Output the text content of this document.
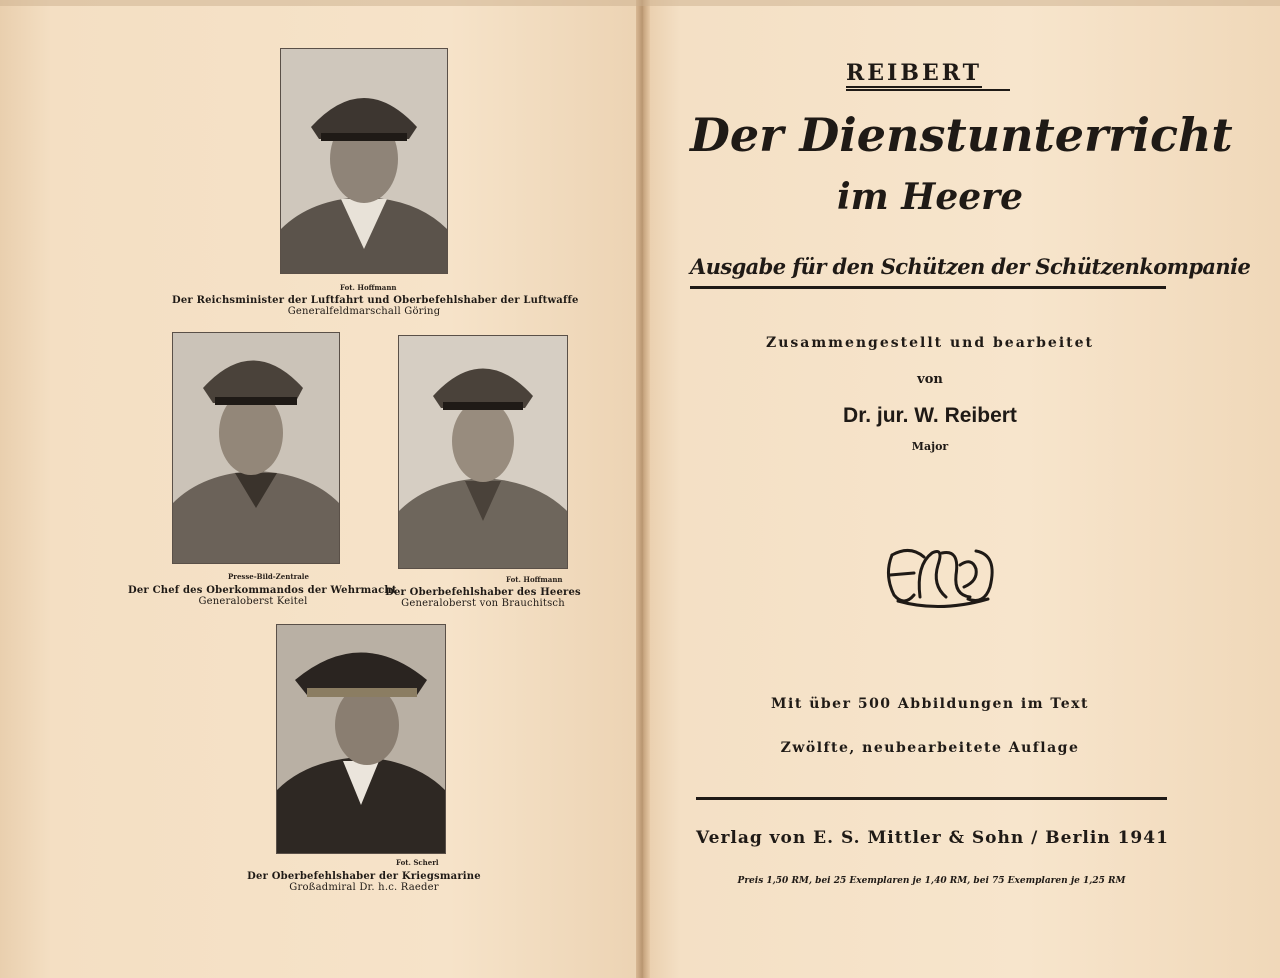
Fot. Hoffmann
Der Reichsminister der Luftfahrt und Oberbefehlshaber der Luftwaffe
Generalfeldmarschall Göring
Presse-Bild-Zentrale
Der Chef des Oberkommandos der Wehrmacht
Generaloberst Keitel
Fot. Hoffmann
Der Oberbefehlshaber des Heeres
Generaloberst von Brauchitsch
Fot. Scherl
Der Oberbefehlshaber der Kriegsmarine
Großadmiral Dr. h.c. Raeder
REIBERT
Der Dienstunterricht
im Heere
Ausgabe für den Schützen der Schützenkompanie
Zusammengestellt und bearbeitet
von
Dr. jur. W. Reibert
Major
Mit über 500 Abbildungen im Text
Zwölfte, neubearbeitete Auflage
Verlag von E. S. Mittler & Sohn / Berlin 1941
Preis 1,50 RM, bei 25 Exemplaren je 1,40 RM, bei 75 Exemplaren je 1,25 RM
